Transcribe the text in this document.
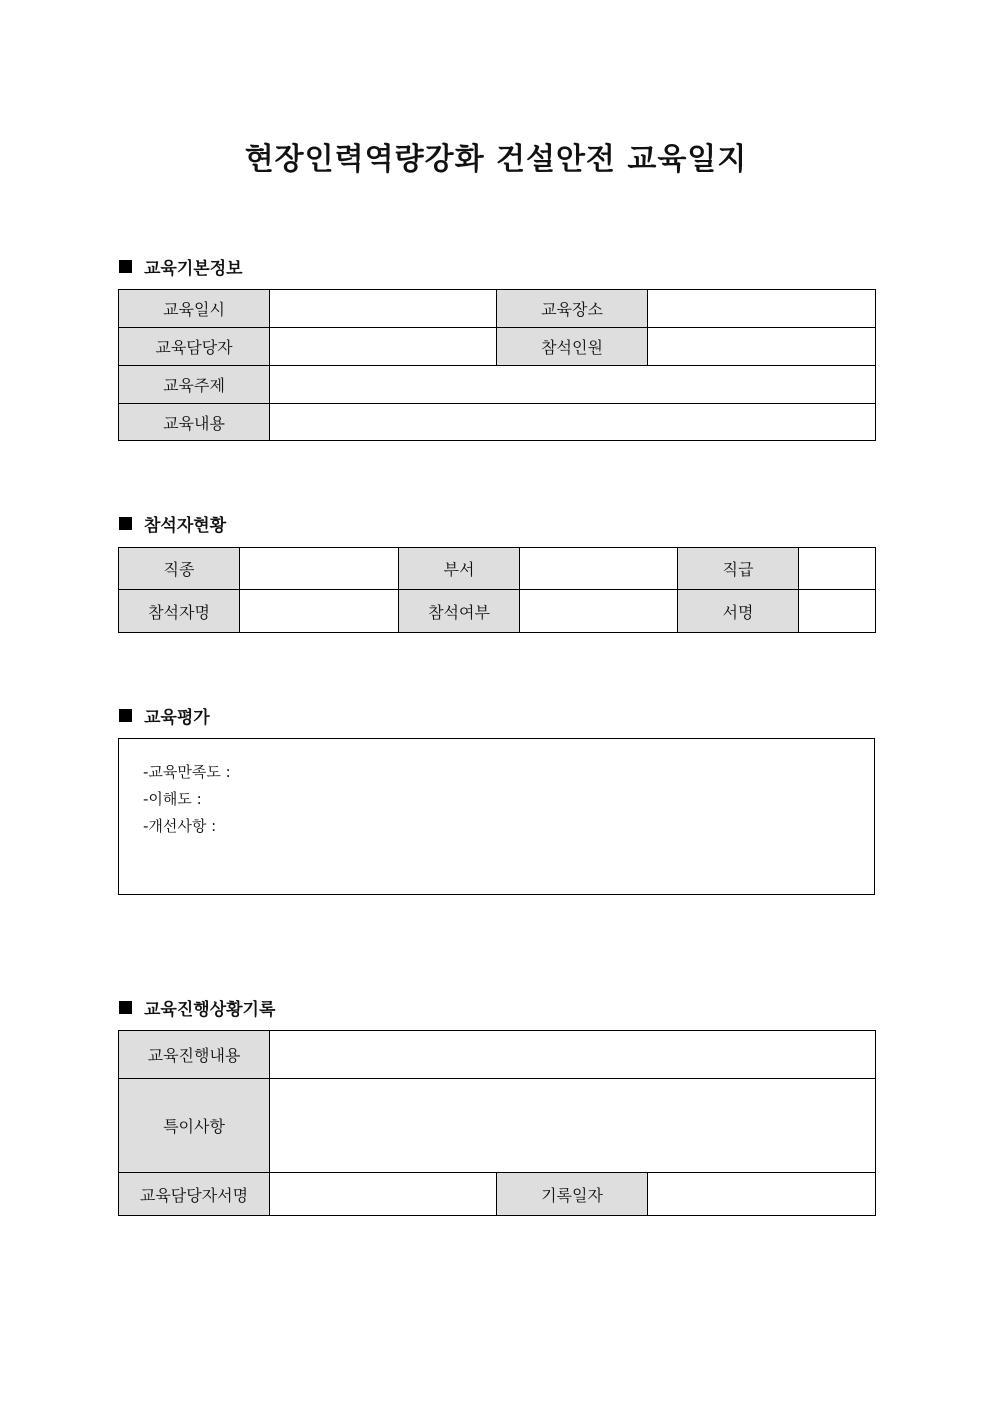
현장인력역량강화 건설안전 교육일지
교육기본정보
교육일시		교육장소	
교육담당자		참석인원	
교육주제			
교육내용			
참석자현황
직종		부서		직급	
참석자명		참석여부		서명	
교육평가
-교육만족도 :
-이해도 :
-개선사항 :
교육진행상황기록
교육진행내용			
특이사항			
교육담당자서명		기록일자	
